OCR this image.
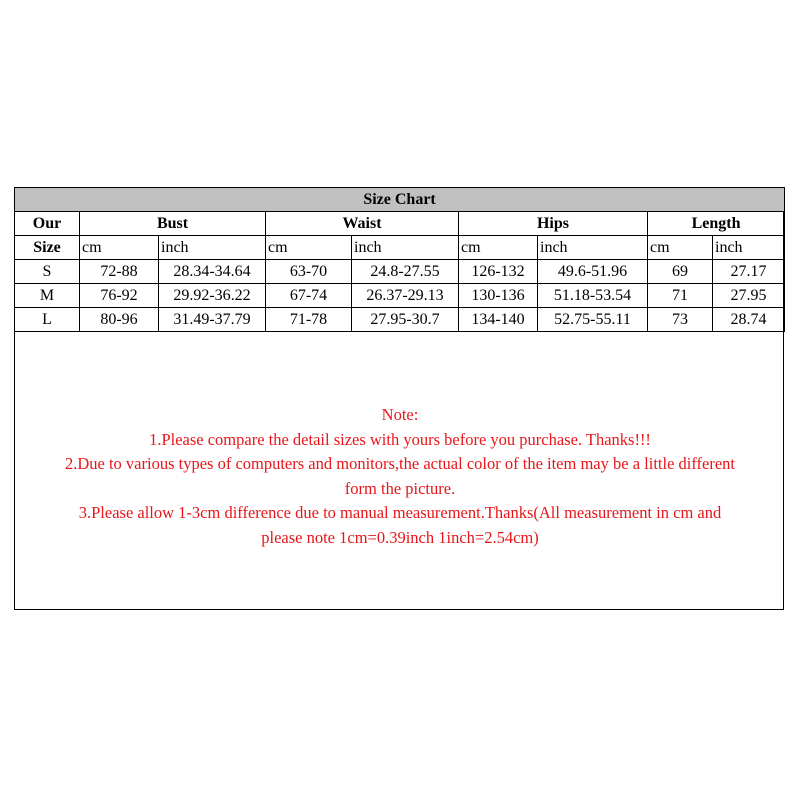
Size Chart								
Our	Bust		Waist		Hips		Length	
Size	cm	inch	cm	inch	cm	inch	cm	inch
S	72-88	28.34-34.64	63-70	24.8-27.55	126-132	49.6-51.96	69	27.17
M	76-92	29.92-36.22	67-74	26.37-29.13	130-136	51.18-53.54	71	27.95
L	80-96	31.49-37.79	71-78	27.95-30.7	134-140	52.75-55.11	73	28.74
Note:
1.Please compare the detail sizes with yours before you purchase. Thanks!!!
2.Due to various types of computers and monitors,the actual color of the item may be a little different
form the picture.
3.Please allow 1-3cm difference due to manual measurement.Thanks(All measurement in cm and
please note 1cm=0.39inch 1inch=2.54cm)
